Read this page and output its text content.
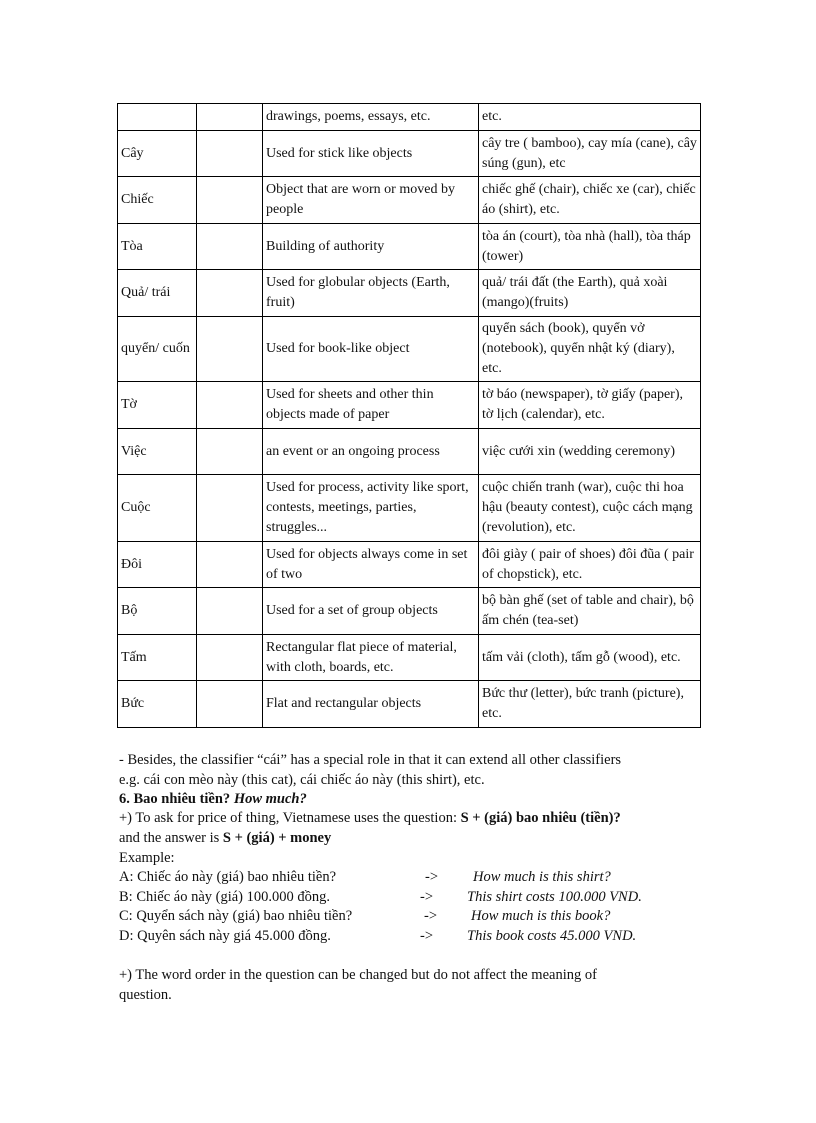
		drawings, poems, essays, etc.	etc.
Cây		Used for stick like objects	cây tre ( bamboo), cay mía (cane), cây súng (gun), etc
Chiếc		Object that are worn or moved by people	chiếc ghế (chair), chiếc xe (car), chiếc áo (shirt), etc.
Tòa		Building of authority	tòa án (court), tòa nhà (hall), tòa tháp (tower)
Quả/ trái		Used for globular objects (Earth, fruit)	quả/ trái đất (the Earth), quả xoài (mango)(fruits)
quyển/ cuốn		Used for book-like object	quyển sách (book), quyển vở (notebook), quyển nhật ký (diary), etc.
Tờ		Used for sheets and other thin objects made of paper	tờ báo (newspaper), tờ giấy (paper), tờ lịch (calendar), etc.
Việc		an event or an ongoing process	việc cưới xin (wedding ceremony)
Cuộc		Used for process, activity like sport, contests, meetings, parties, struggles...	cuộc chiến tranh (war), cuộc thi hoa hậu (beauty contest), cuộc cách mạng (revolution), etc.
Đôi		Used for objects always come in set of two	đôi giày ( pair of shoes) đôi đũa ( pair of chopstick), etc.
Bộ		Used for a set of group objects	bộ bàn ghế (set of table and chair), bộ ấm chén (tea-set)
Tấm		Rectangular flat piece of material, with cloth, boards, etc.	tấm vải (cloth), tấm gỗ (wood), etc.
Bức		Flat and rectangular objects	Bức thư (letter), bức tranh (picture), etc.
- Besides, the classifier “cái” has a special role in that it can extend all other classifiers
e.g. cái con mèo này (this cat), cái chiếc áo này (this shirt), etc.
6. Bao nhiêu tiền? How much?
+) To ask for price of thing, Vietnamese uses the question: S + (giá) bao nhiêu (tiền)?
and the answer is S + (giá) + money
Example:
A: Chiếc áo này (giá) bao nhiêu tiền?	-> How much is this shirt?
B: Chiếc áo này (giá) 100.000 đồng.	-> This shirt costs 100.000 VND.
C: Quyển sách này (giá) bao nhiêu tiền?	-> How much is this book?
D: Quyên sách này giá 45.000 đồng.	-> This book costs 45.000 VND.
+) The word order in the question can be changed but do not affect the meaning of
question.
